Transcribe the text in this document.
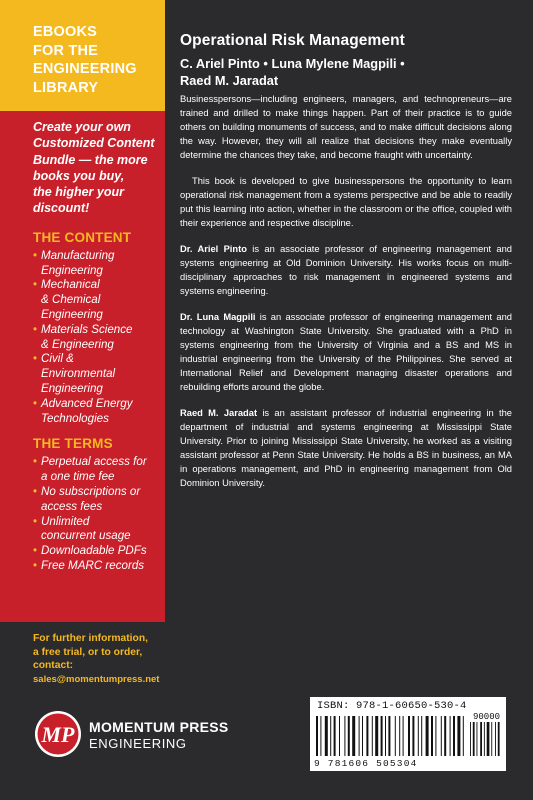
EBOOKS
FOR THE
ENGINEERING
LIBRARY
Create your own
Customized Content
Bundle — the more
books you buy,
the higher your
discount!
THE CONTENT
• Manufacturing
Engineering
• Mechanical
& Chemical
Engineering
• Materials Science
& Engineering
• Civil &
Environmental
Engineering
• Advanced Energy
Technologies
THE TERMS
• Perpetual access for
a one time fee
• No subscriptions or
access fees
• Unlimited
concurrent usage
• Downloadable PDFs
• Free MARC records
For further information,
a free trial, or to order,
contact:
sales@momentumpress.net
MP MOMENTUM PRESS
ENGINEERING
Operational Risk Management
C. Ariel Pinto • Luna Mylene Magpili •
Raed M. Jaradat

Businesspersons—including engineers, managers, and technopreneurs—are trained and drilled to make things happen. Part of their practice is to guide others on building monuments of success, and to make difficult decisions along the way. However, they will all realize that decisions they make eventually determine the chances they take, and become fraught with uncertainty.

This book is developed to give businesspersons the opportunity to learn operational risk management from a systems perspective and be able to readily put this learning into action, whether in the classroom or the office, coupled with their experience and respective discipline.

Dr. Ariel Pinto is an associate professor of engineering management and systems engineering at Old Dominion University. His works focus on multi-disciplinary approaches to risk management in engineered systems and systems engineering.

Dr. Luna Magpili is an associate professor of engineering management and technology at Washington State University. She graduated with a PhD in systems engineering from the University of Virginia and a BS and MS in industrial engineering from the University of the Philippines. She served at International Relief and Development managing disaster operations and rebuilding efforts around the globe.

Raed M. Jaradat is an assistant professor of industrial engineering in the department of industrial and systems engineering at Mississippi State University. Prior to joining Mississippi State University, he worked as a visiting assistant professor at Penn State University. He holds a BS in business, an MA in operations management, and PhD in engineering management from Old Dominion University.

ISBN: 978-1-60650-530-4
90000
9 781606 505304
